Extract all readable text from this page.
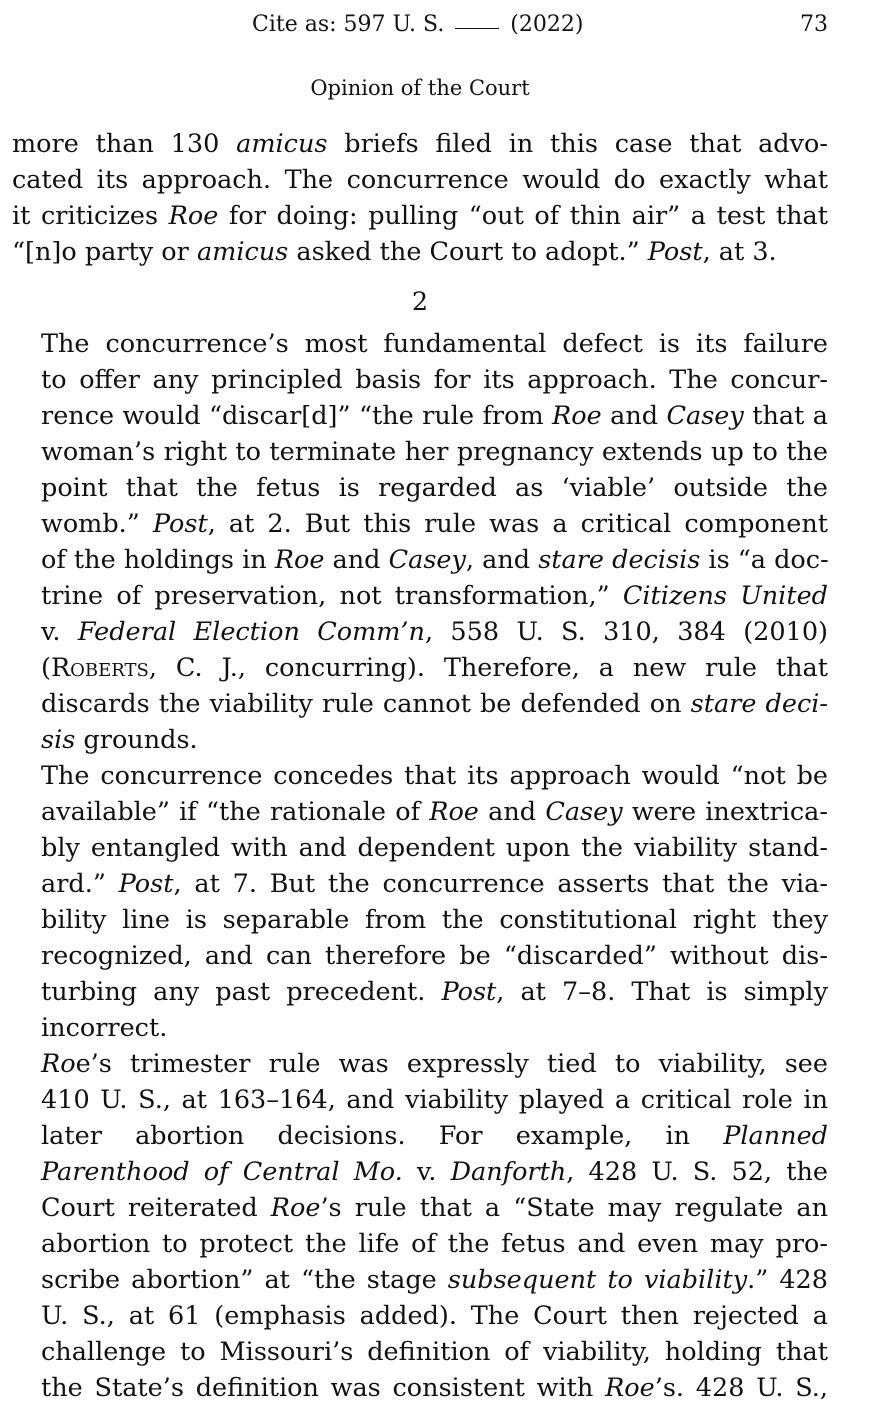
Cite as: 597 U. S.  (2022)	73
Opinion of the Court

more than 130 amicus briefs filed in this case that advo-
cated its approach. The concurrence would do exactly what
it criticizes Roe for doing: pulling “out of thin air” a test that
“[n]o party or amicus asked the Court to adopt.” Post, at 3.

2

The concurrence’s most fundamental defect is its failure
to offer any principled basis for its approach. The concur-
rence would “discar[d]” “the rule from Roe and Casey that a
woman’s right to terminate her pregnancy extends up to the
point that the fetus is regarded as ‘viable’ outside the
womb.” Post, at 2. But this rule was a critical component
of the holdings in Roe and Casey, and stare decisis is “a doc-
trine of preservation, not transformation,” Citizens United
v. Federal Election Comm’n, 558 U. S. 310, 384 (2010)
(Roberts, C. J., concurring). Therefore, a new rule that
discards the viability rule cannot be defended on stare deci-
sis grounds.

The concurrence concedes that its approach would “not be
available” if “the rationale of Roe and Casey were inextrica-
bly entangled with and dependent upon the viability stand-
ard.” Post, at 7. But the concurrence asserts that the via-
bility line is separable from the constitutional right they
recognized, and can therefore be “discarded” without dis-
turbing any past precedent. Post, at 7–8. That is simply
incorrect.

Roe’s trimester rule was expressly tied to viability, see
410 U. S., at 163–164, and viability played a critical role in
later abortion decisions. For example, in Planned
Parenthood of Central Mo. v. Danforth, 428 U. S. 52, the
Court reiterated Roe’s rule that a “State may regulate an
abortion to protect the life of the fetus and even may pro-
scribe abortion” at “the stage subsequent to viability.” 428
U. S., at 61 (emphasis added). The Court then rejected a
challenge to Missouri’s definition of viability, holding that
the State’s definition was consistent with Roe’s. 428 U. S.,
